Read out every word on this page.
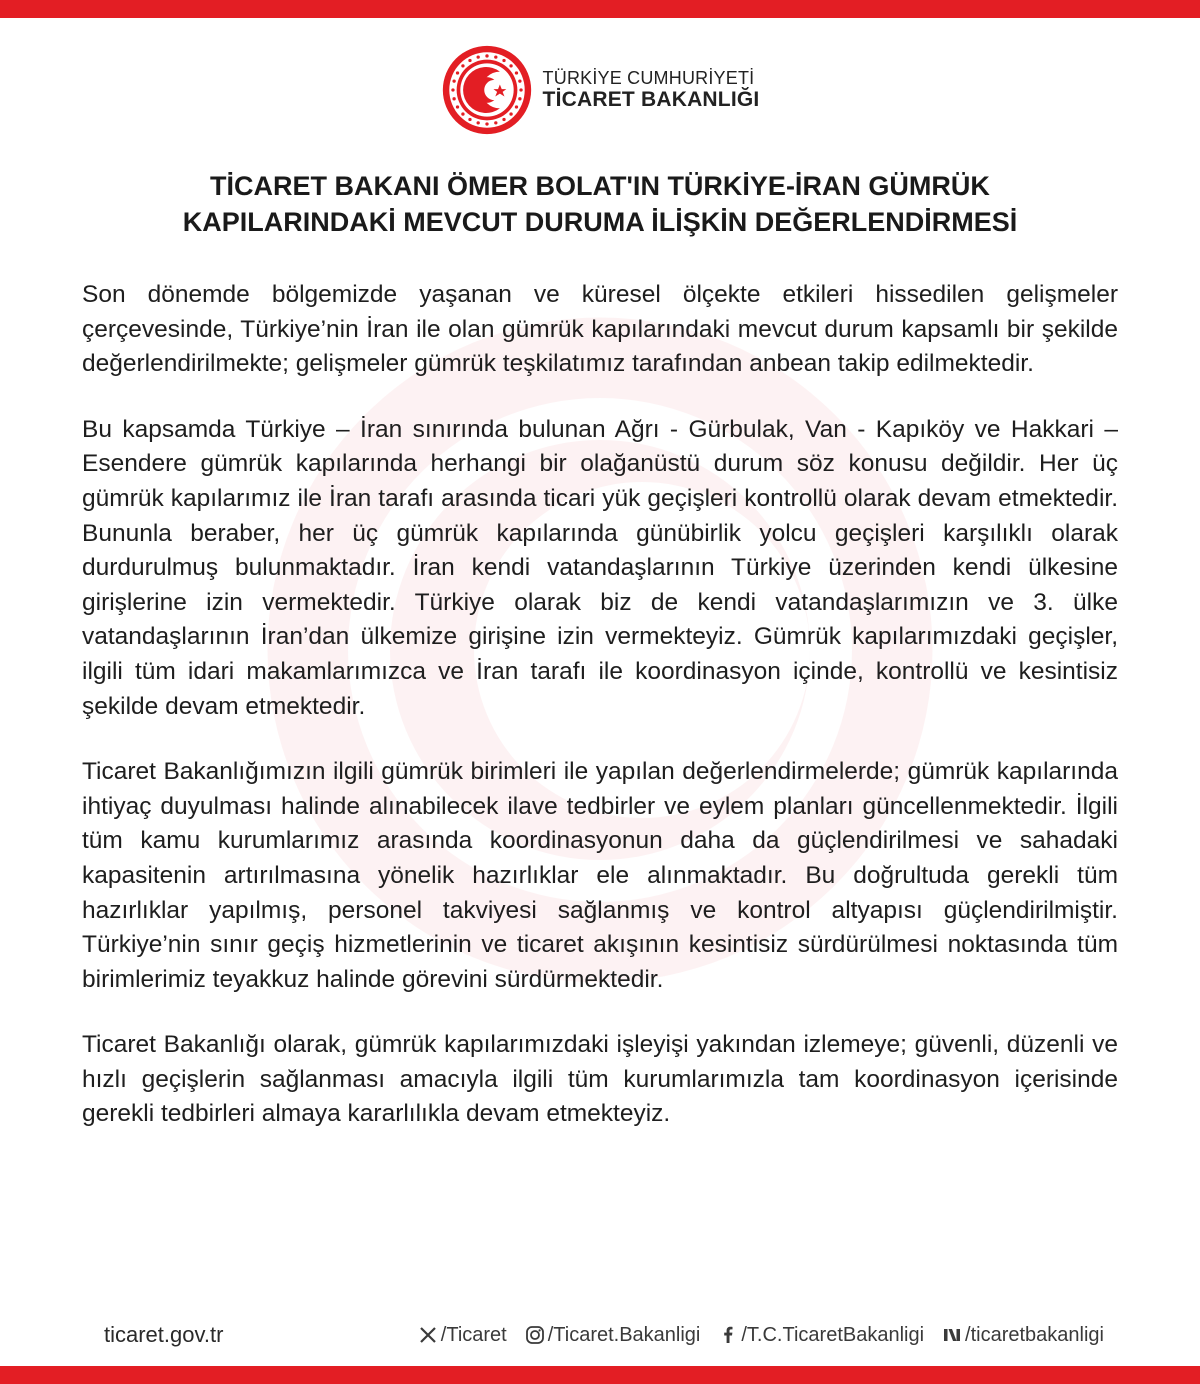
TÜRKİYE CUMHURİYETİ
TİCARET BAKANLIĞI
TİCARET BAKANI ÖMER BOLAT'IN TÜRKİYE-İRAN GÜMRÜK
KAPILARINDAKİ MEVCUT DURUMA İLİŞKİN DEĞERLENDİRMESİ

Son dönemde bölgemizde yaşanan ve küresel ölçekte etkileri hissedilen gelişmeler çerçevesinde, Türkiye’nin İran ile olan gümrük kapılarındaki mevcut durum kapsamlı bir şekilde değerlendirilmekte; gelişmeler gümrük teşkilatımız tarafından anbean takip edilmektedir.

Bu kapsamda Türkiye – İran sınırında bulunan Ağrı - Gürbulak, Van - Kapıköy ve Hakkari – Esendere gümrük kapılarında herhangi bir olağanüstü durum söz konusu değildir. Her üç gümrük kapılarımız ile İran tarafı arasında ticari yük geçişleri kontrollü olarak devam etmektedir. Bununla beraber, her üç gümrük kapılarında günübirlik yolcu geçişleri karşılıklı olarak durdurulmuş bulunmaktadır. İran kendi vatandaşlarının Türkiye üzerinden kendi ülkesine girişlerine izin vermektedir. Türkiye olarak biz de kendi vatandaşlarımızın ve 3. ülke vatandaşlarının İran’dan ülkemize girişine izin vermekteyiz. Gümrük kapılarımızdaki geçişler, ilgili tüm idari makamlarımızca ve İran tarafı ile koordinasyon içinde, kontrollü ve kesintisiz şekilde devam etmektedir.

Ticaret Bakanlığımızın ilgili gümrük birimleri ile yapılan değerlendirmelerde; gümrük kapılarında ihtiyaç duyulması halinde alınabilecek ilave tedbirler ve eylem planları güncellenmektedir. İlgili tüm kamu kurumlarımız arasında koordinasyonun daha da güçlendirilmesi ve sahadaki kapasitenin artırılmasına yönelik hazırlıklar ele alınmaktadır. Bu doğrultuda gerekli tüm hazırlıklar yapılmış, personel takviyesi sağlanmış ve kontrol altyapısı güçlendirilmiştir. Türkiye’nin sınır geçiş hizmetlerinin ve ticaret akışının kesintisiz sürdürülmesi noktasında tüm birimlerimiz teyakkuz halinde görevini sürdürmektedir.

Ticaret Bakanlığı olarak, gümrük kapılarımızdaki işleyişi yakından izlemeye; güvenli, düzenli ve hızlı geçişlerin sağlanması amacıyla ilgili tüm kurumlarımızla tam koordinasyon içerisinde gerekli tedbirleri almaya kararlılıkla devam etmekteyiz.

ticaret.gov.tr	/Ticaret /Ticaret.Bakanligi /T.C.TicaretBakanligi /ticaretbakanligi
